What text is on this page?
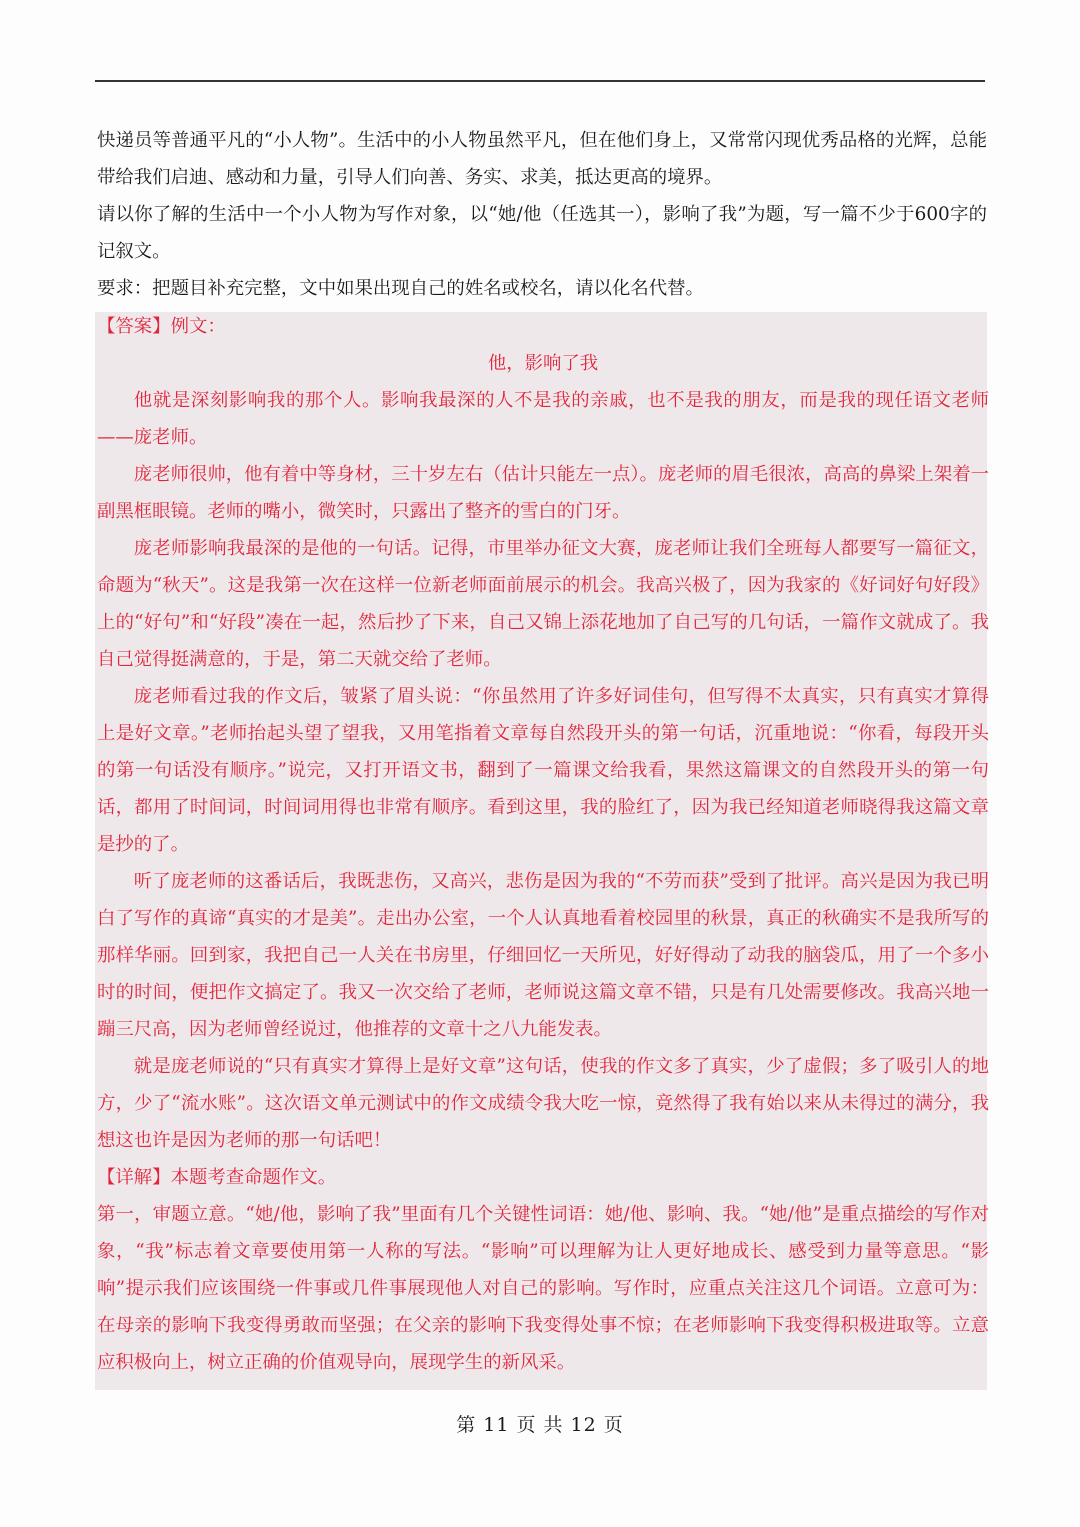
快递员等普通平凡的“小人物”。生活中的小人物虽然平凡，但在他们身上，又常常闪现优秀品格的光辉，总能带给我们启迪、感动和力量，引导人们向善、务实、求美，抵达更高的境界。

请以你了解的生活中一个小人物为写作对象，以“她/他（任选其一），影响了我”为题，写一篇不少于600字的记叙文。

要求：把题目补充完整，文中如果出现自己的姓名或校名，请以化名代替。

【答案】例文：

他，影响了我

他就是深刻影响我的那个人。影响我最深的人不是我的亲戚，也不是我的朋友，而是我的现任语文老师——庞老师。

庞老师很帅，他有着中等身材，三十岁左右（估计只能左一点）。庞老师的眉毛很浓，高高的鼻梁上架着一副黑框眼镜。老师的嘴小，微笑时，只露出了整齐的雪白的门牙。

庞老师影响我最深的是他的一句话。记得，市里举办征文大赛，庞老师让我们全班每人都要写一篇征文，命题为“秋天”。这是我第一次在这样一位新老师面前展示的机会。我高兴极了，因为我家的《好词好句好段》上的“好句”和“好段”凑在一起，然后抄了下来，自己又锦上添花地加了自己写的几句话，一篇作文就成了。我自己觉得挺满意的，于是，第二天就交给了老师。

庞老师看过我的作文后，皱紧了眉头说：“你虽然用了许多好词佳句，但写得不太真实，只有真实才算得上是好文章。”老师抬起头望了望我，又用笔指着文章每自然段开头的第一句话，沉重地说：“你看，每段开头的第一句话没有顺序。”说完，又打开语文书，翻到了一篇课文给我看，果然这篇课文的自然段开头的第一句话，都用了时间词，时间词用得也非常有顺序。看到这里，我的脸红了，因为我已经知道老师晓得我这篇文章是抄的了。

听了庞老师的这番话后，我既悲伤，又高兴，悲伤是因为我的“不劳而获”受到了批评。高兴是因为我已明白了写作的真谛“真实的才是美”。走出办公室，一个人认真地看着校园里的秋景，真正的秋确实不是我所写的那样华丽。回到家，我把自己一人关在书房里，仔细回忆一天所见，好好得动了动我的脑袋瓜，用了一个多小时的时间，便把作文搞定了。我又一次交给了老师，老师说这篇文章不错，只是有几处需要修改。我高兴地一蹦三尺高，因为老师曾经说过，他推荐的文章十之八九能发表。

就是庞老师说的“只有真实才算得上是好文章”这句话，使我的作文多了真实，少了虚假；多了吸引人的地方，少了“流水账”。这次语文单元测试中的作文成绩令我大吃一惊，竟然得了我有始以来从未得过的满分，我想这也许是因为老师的那一句话吧！

【详解】本题考查命题作文。

第一，审题立意。“她/他，影响了我”里面有几个关键性词语：她/他、影响、我。“她/他”是重点描绘的写作对象，“我”标志着文章要使用第一人称的写法。“影响”可以理解为让人更好地成长、感受到力量等意思。“影响”提示我们应该围绕一件事或几件事展现他人对自己的影响。写作时，应重点关注这几个词语。立意可为：在母亲的影响下我变得勇敢而坚强；在父亲的影响下我变得处事不惊；在老师影响下我变得积极进取等。立意应积极向上，树立正确的价值观导向，展现学生的新风采。

第 11 页 共 12 页
